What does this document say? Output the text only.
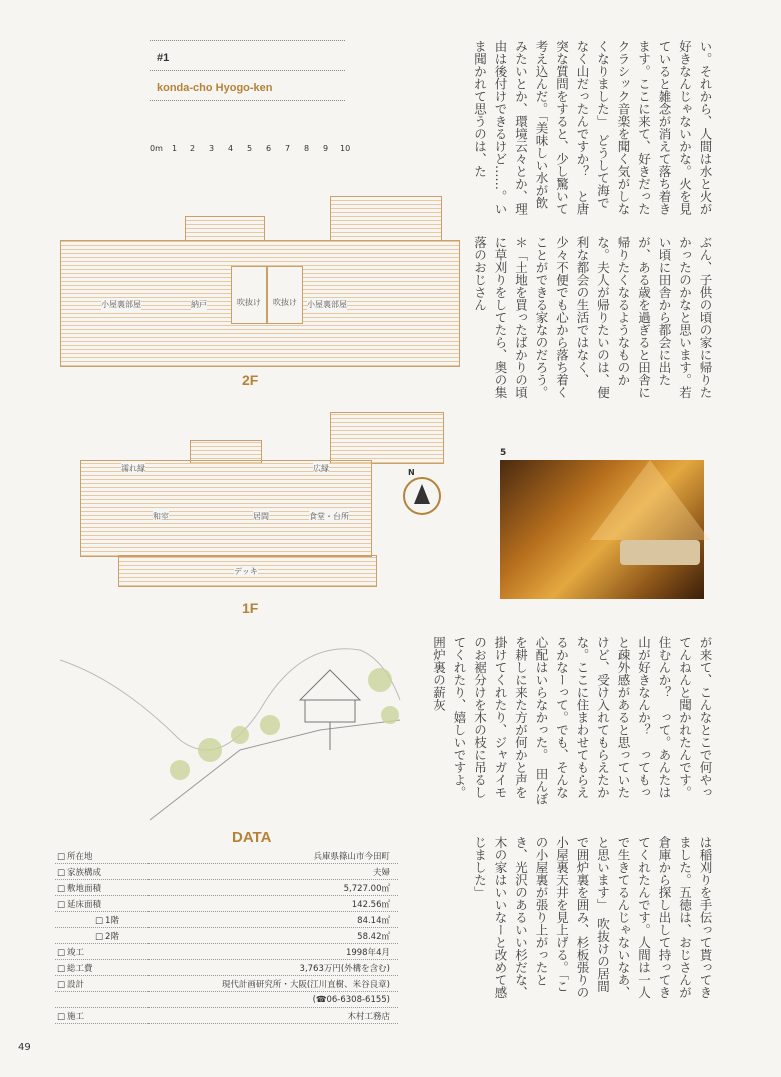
#1
konda-cho Hyogo-ken
0m 1 2 3 4 5 6 7 8 9 10
小屋裏部屋	納戸	吹抜け	吹抜け	小屋裏部屋
2F
濡れ縁	広縁
和室	居間	食堂・台所
デッキ
N
1F
DATA
□ 所在地	兵庫県篠山市今田町
□ 家族構成	夫婦
□ 敷地面積	5,727.00㎡
□ 延床面積	142.56㎡
□ 1階	84.14㎡
□ 2階	58.42㎡
□ 竣工	1998年4月
□ 総工費	3,763万円(外構を含む)
□ 設計	現代計画研究所・大阪(江川直樹、米谷良章)
	(☎06-6308-6155)
□ 施工	木村工務店
い。それから、人間は水と火が好きなんじゃないかな。火を見ていると雑念が消えて落ち着きます。ここに来て、好きだったクラシック音楽を聞く気がしなくなりました」　どうして海でなく山だったんですか？　と唐突な質問をすると、少し驚いて考え込んだ。「美味しい水が飲みたいとか、環境云々とか、理由は後付けできるけど……。いま聞かれて思うのは、た
ぶん、子供の頃の家に帰りたかったのかなと思います。若い頃に田舎から都会に出たが、ある歳を過ぎると田舎に帰りたくなるようなものかな。夫人が帰りたいのは、便利な都会の生活ではなく、少々不便でも心から落ち着くことができる家なのだろう。＊「土地を買ったばかりの頃に草刈りをしてたら、奥の集落のおじさん
が来て、こんなとこで何やってんねんと聞かれたんです。住むんか？　って。あんたは山が好きなんか？　ってもっと疎外感があると思っていたけど、受け入れてもらえたかな。ここに住まわせてもらえるかなーって。でも、そんな心配はいらなかった。　田んぼを耕しに来た方が何かと声を掛けてくれたり、ジャガイモのお裾分けを木の枝に吊るしてくれたり、嬉しいですよ。囲炉裏の薪灰
は稲刈りを手伝って貰ってきました。五徳は、おじさんが倉庫から探し出して持ってきてくれたんです。人間は一人で生きてるんじゃないなあ、と思います」　吹抜けの居間で囲炉裏を囲み、杉板張りの小屋裏天井を見上げる。「この小屋裏が張り上がったとき、光沢のあるいい杉だな、木の家はいいなーと改めて感じました」
5
49
